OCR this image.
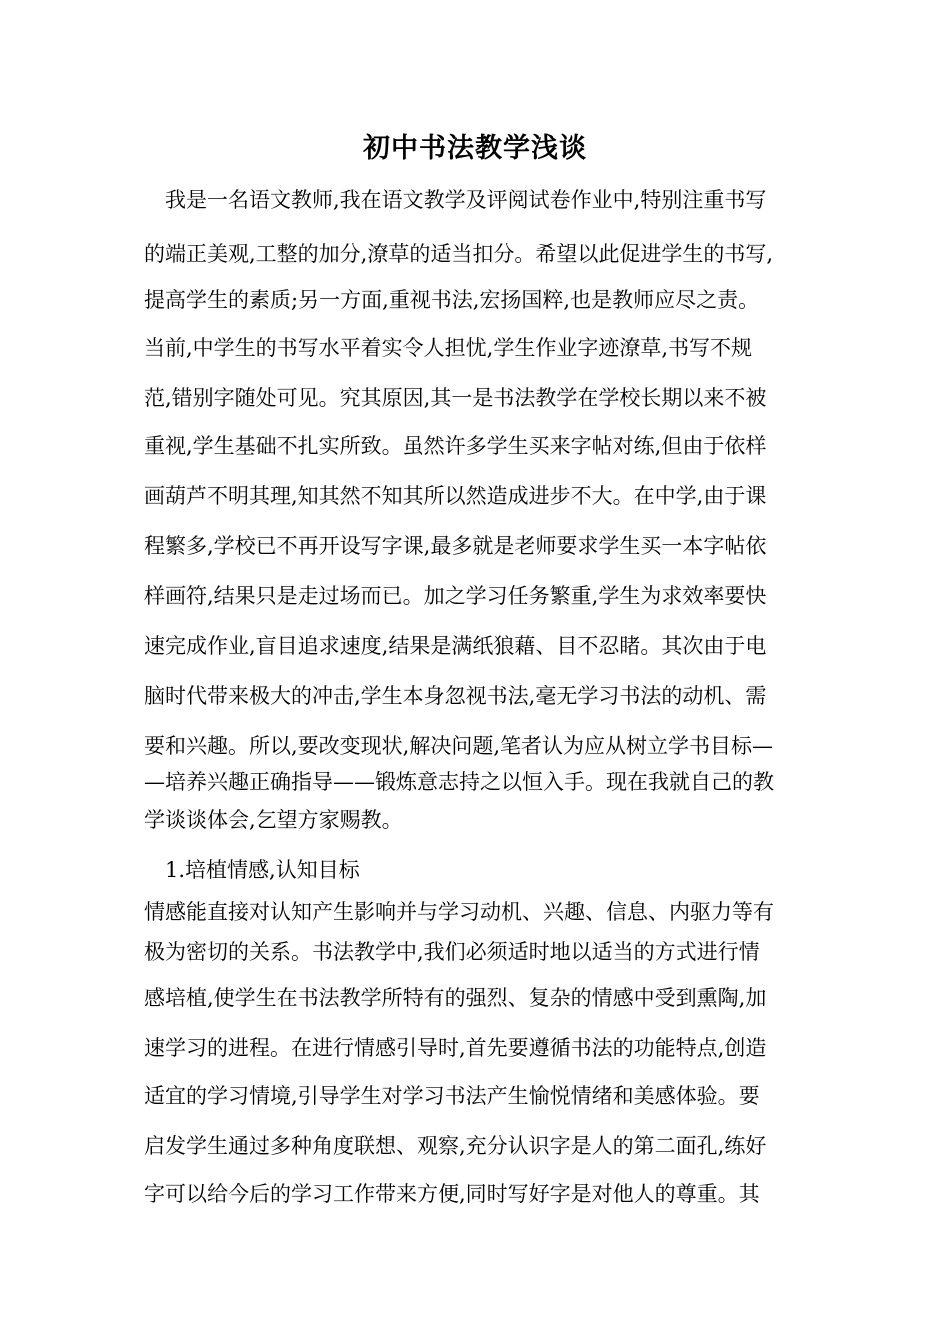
初中书法教学浅谈

　我是一名语文教师,我在语文教学及评阅试卷作业中,特别注重书写

的端正美观,工整的加分,潦草的适当扣分。希望以此促进学生的书写,

提高学生的素质;另一方面,重视书法,宏扬国粹,也是教师应尽之责。

当前,中学生的书写水平着实令人担忧,学生作业字迹潦草,书写不规

范,错别字随处可见。究其原因,其一是书法教学在学校长期以来不被

重视,学生基础不扎实所致。虽然许多学生买来字帖对练,但由于依样

画葫芦不明其理,知其然不知其所以然造成进步不大。在中学,由于课

程繁多,学校已不再开设写字课,最多就是老师要求学生买一本字帖依

样画符,结果只是走过场而已。加之学习任务繁重,学生为求效率要快

速完成作业,盲目追求速度,结果是满纸狼藉、目不忍睹。其次由于电

脑时代带来极大的冲击,学生本身忽视书法,毫无学习书法的动机、需

要和兴趣。所以,要改变现状,解决问题,笔者认为应从树立学书目标—

—培养兴趣正确指导——锻炼意志持之以恒入手。现在我就自己的教

学谈谈体会,乞望方家赐教。

1.培植情感,认知目标

情感能直接对认知产生影响并与学习动机、兴趣、信息、内驱力等有

极为密切的关系。书法教学中,我们必须适时地以适当的方式进行情

感培植,使学生在书法教学所特有的强烈、复杂的情感中受到熏陶,加

速学习的进程。在进行情感引导时,首先要遵循书法的功能特点,创造

适宜的学习情境,引导学生对学习书法产生愉悦情绪和美感体验。要

启发学生通过多种角度联想、观察,充分认识字是人的第二面孔,练好

字可以给今后的学习工作带来方便,同时写好字是对他人的尊重。其
